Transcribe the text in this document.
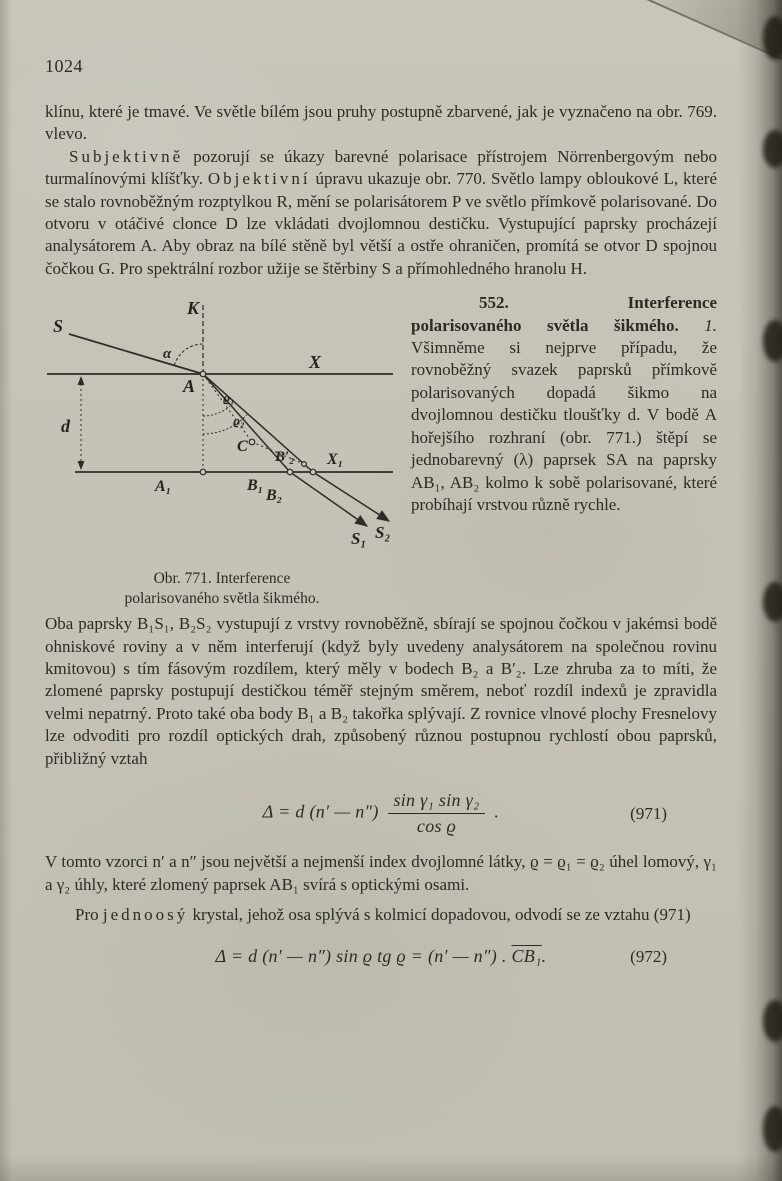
1024

klínu, které je tmavé. Ve světle bílém jsou pruhy postupně zbarvené, jak je vyznačeno na obr. 769. vlevo.

Subjektivně pozorují se úkazy barevné polarisace přístrojem Nörrenbergovým nebo turmalínovými klíšťky. Objektivní úpravu ukazuje obr. 770. Světlo lampy obloukové L, které se stalo rovnoběžným rozptylkou R, mění se polarisátorem P ve světlo přímkově polarisované. Do otvoru v otáčivé clonce D lze vkládati dvojlomnou destičku. Vystupující paprsky procházejí analysátorem A. Aby obraz na bílé stěně byl větší a ostře ohraničen, promítá se otvor D spojnou čočkou G. Pro spektrální rozbor užije se štěrbiny S a přímohledného hranolu H.

K
S
α
A
X
d
ϱ₁
ϱ₂
C
B′₂ X₁
A₁	B₁
B₂
S₁ S₂
Obr. 771. Interference
polarisovaného světla šikmého.

552. Interference polarisovaného světla šikmého. 1. Všimněme si nejprve případu, že rovnoběžný svazek paprsků přímkově polarisovaných dopadá šikmo na dvojlomnou destičku tloušťky d. V bodě A hořejšího rozhraní (obr. 771.) štěpí se jednobarevný (λ) paprsek SA na paprsky AB₁, AB₂ kolmo k sobě polarisované, které probíhají vrstvou různě rychle.

Oba paprsky B₁S₁, B₂S₂ vystupují z vrstvy rovnoběžně, sbírají se spojnou čočkou v jakémsi bodě ohniskové roviny a v něm interferují (když byly uvedeny analysátorem na společnou rovinu kmitovou) s tím fásovým rozdílem, který měly v bodech B₂ a B′₂. Lze zhruba za to míti, že zlomené paprsky postupují destičkou téměř stejným směrem, neboť rozdíl indexů je zpravidla velmi nepatrný. Proto také oba body B₁ a B₂ takořka splývají. Z rovnice vlnové plochy Fresnelovy lze odvoditi pro rozdíl optických drah, způsobený různou postupnou rychlostí obou paprsků, přibližný vztah

Δ = d (n′ — $n'') \frac{\text{sin γ₁ sin γ₂}}{\text{cos ϱ}}$ .	(971)

V tomto vzorci n′ a n″ jsou největší a nejmenší index dvojlomné látky, ϱ = ϱ₁ = ϱ₂ úhel lomový, γ₁ a γ₂ úhly, které zlomený paprsek AB₁ svírá s optickými osami.

Pro jednoosý krystal, jehož osa splývá s kolmicí dopadovou, odvodí se ze vztahu (971)

Δ = d (n′ — n″) sin ϱ tg ϱ = (n′ — n″) . CB₁.	(972)
